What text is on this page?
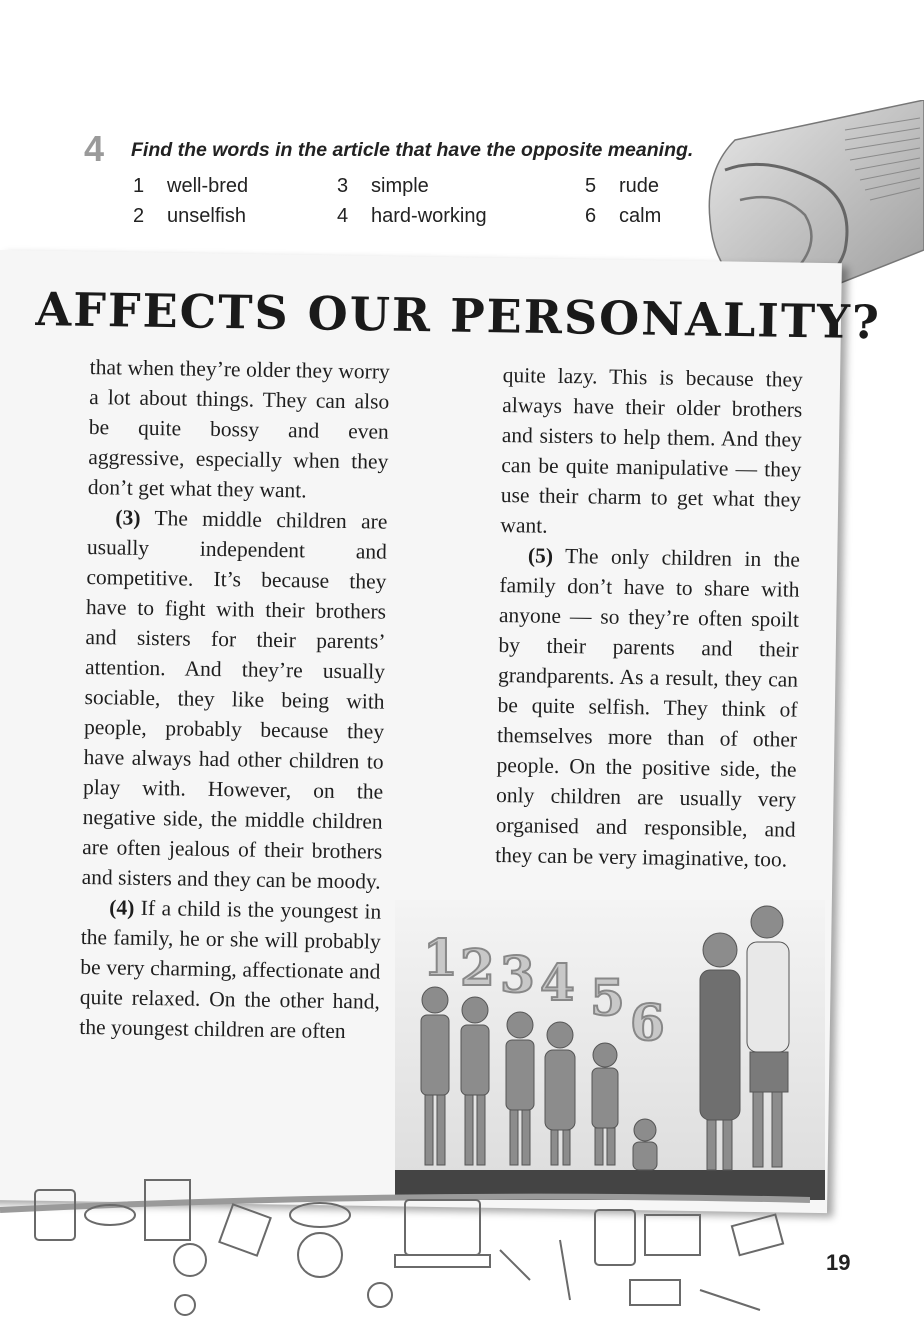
4 Find the words in the article that have the opposite meaning.
1 well-bred
2 unselfish
3 simple
4 hard-working
5 rude
6 calm
AFFECTS OUR PERSONALITY?

that when they’re older they worry a lot about things. They can also be quite bossy and even aggressive, especially when they don’t get what they want.

(3) The middle children are usually independent and competitive. It’s because they have to fight with their brothers and sisters for their parents’ attention. And they’re usually sociable, they like being with people, probably because they have always had other children to play with. However, on the negative side, the middle children are often jealous of their brothers and sisters and they can be moody.

(4) If a child is the youngest in the family, he or she will probably be very charming, affectionate and quite relaxed. On the other hand, the youngest children are often

quite lazy. This is because they always have their older brothers and sisters to help them. And they can be quite manipulative — they use their charm to get what they want.

(5) The only children in the family don’t have to share with anyone — so they’re often spoilt by their parents and their grandparents. As a result, they can be quite selfish. They think of themselves more than of other people. On the positive side, the only children are usually very organised and responsible, and they can be very imaginative, too.

1 2 3 4 5 6
19
